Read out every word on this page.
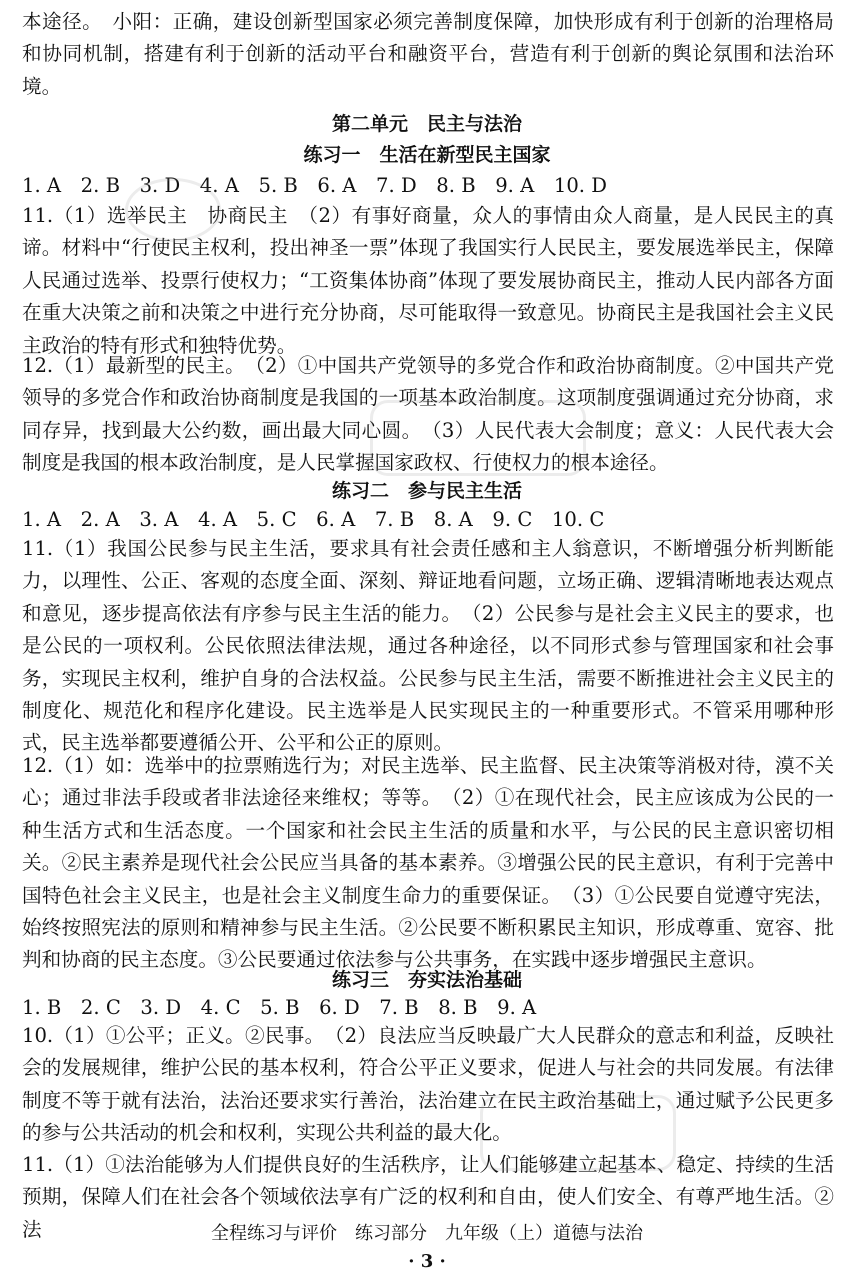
本途径。　小阳：正确，建设创新型国家必须完善制度保障，加快形成有利于创新的治理格局和协同机制，搭建有利于创新的活动平台和融资平台，营造有利于创新的舆论氛围和法治环境。
第二单元　民主与法治
练习一　生活在新型民主国家
1. A　2. B　3. D　4. A　5. B　6. A　7. D　8. B　9. A　10. D
11.（1）选举民主　协商民主　（2）有事好商量，众人的事情由众人商量，是人民民主的真谛。材料中“行使民主权利，投出神圣一票”体现了我国实行人民民主，要发展选举民主，保障人民通过选举、投票行使权力；“工资集体协商”体现了要发展协商民主，推动人民内部各方面在重大决策之前和决策之中进行充分协商，尽可能取得一致意见。协商民主是我国社会主义民主政治的特有形式和独特优势。
12.（1）最新型的民主。　（2）①中国共产党领导的多党合作和政治协商制度。②中国共产党领导的多党合作和政治协商制度是我国的一项基本政治制度。这项制度强调通过充分协商，求同存异，找到最大公约数，画出最大同心圆。　（3）人民代表大会制度；意义：人民代表大会制度是我国的根本政治制度，是人民掌握国家政权、行使权力的根本途径。
练习二　参与民主生活
1. A　2. A　3. A　4. A　5. C　6. A　7. B　8. A　9. C　10. C
11.（1）我国公民参与民主生活，要求具有社会责任感和主人翁意识，不断增强分析判断能力，以理性、公正、客观的态度全面、深刻、辩证地看问题，立场正确、逻辑清晰地表达观点和意见，逐步提高依法有序参与民主生活的能力。　（2）公民参与是社会主义民主的要求，也是公民的一项权利。公民依照法律法规，通过各种途径，以不同形式参与管理国家和社会事务，实现民主权利，维护自身的合法权益。公民参与民主生活，需要不断推进社会主义民主的制度化、规范化和程序化建设。民主选举是人民实现民主的一种重要形式。不管采用哪种形式，民主选举都要遵循公开、公平和公正的原则。
12.（1）如：选举中的拉票贿选行为；对民主选举、民主监督、民主决策等消极对待，漠不关心；通过非法手段或者非法途径来维权；等等。　（2）①在现代社会，民主应该成为公民的一种生活方式和生活态度。一个国家和社会民主生活的质量和水平，与公民的民主意识密切相关。②民主素养是现代社会公民应当具备的基本素养。③增强公民的民主意识，有利于完善中国特色社会主义民主，也是社会主义制度生命力的重要保证。　（3）①公民要自觉遵守宪法，始终按照宪法的原则和精神参与民主生活。②公民要不断积累民主知识，形成尊重、宽容、批判和协商的民主态度。③公民要通过依法参与公共事务，在实践中逐步增强民主意识。
练习三　夯实法治基础
1. B　2. C　3. D　4. C　5. B　6. D　7. B　8. B　9. A
10.（1）①公平；正义。②民事。　（2）良法应当反映最广大人民群众的意志和利益，反映社会的发展规律，维护公民的基本权利，符合公平正义要求，促进人与社会的共同发展。有法律制度不等于就有法治，法治还要求实行善治，法治建立在民主政治基础上，通过赋予公民更多的参与公共活动的机会和权利，实现公共利益的最大化。
11.（1）①法治能够为人们提供良好的生活秩序，让人们能够建立起基本、稳定、持续的生活预期，保障人们在社会各个领域依法享有广泛的权利和自由，使人们安全、有尊严地生活。②法	全程练习与评价　练习部分　九年级（上）道德与法治
· 3 ·
